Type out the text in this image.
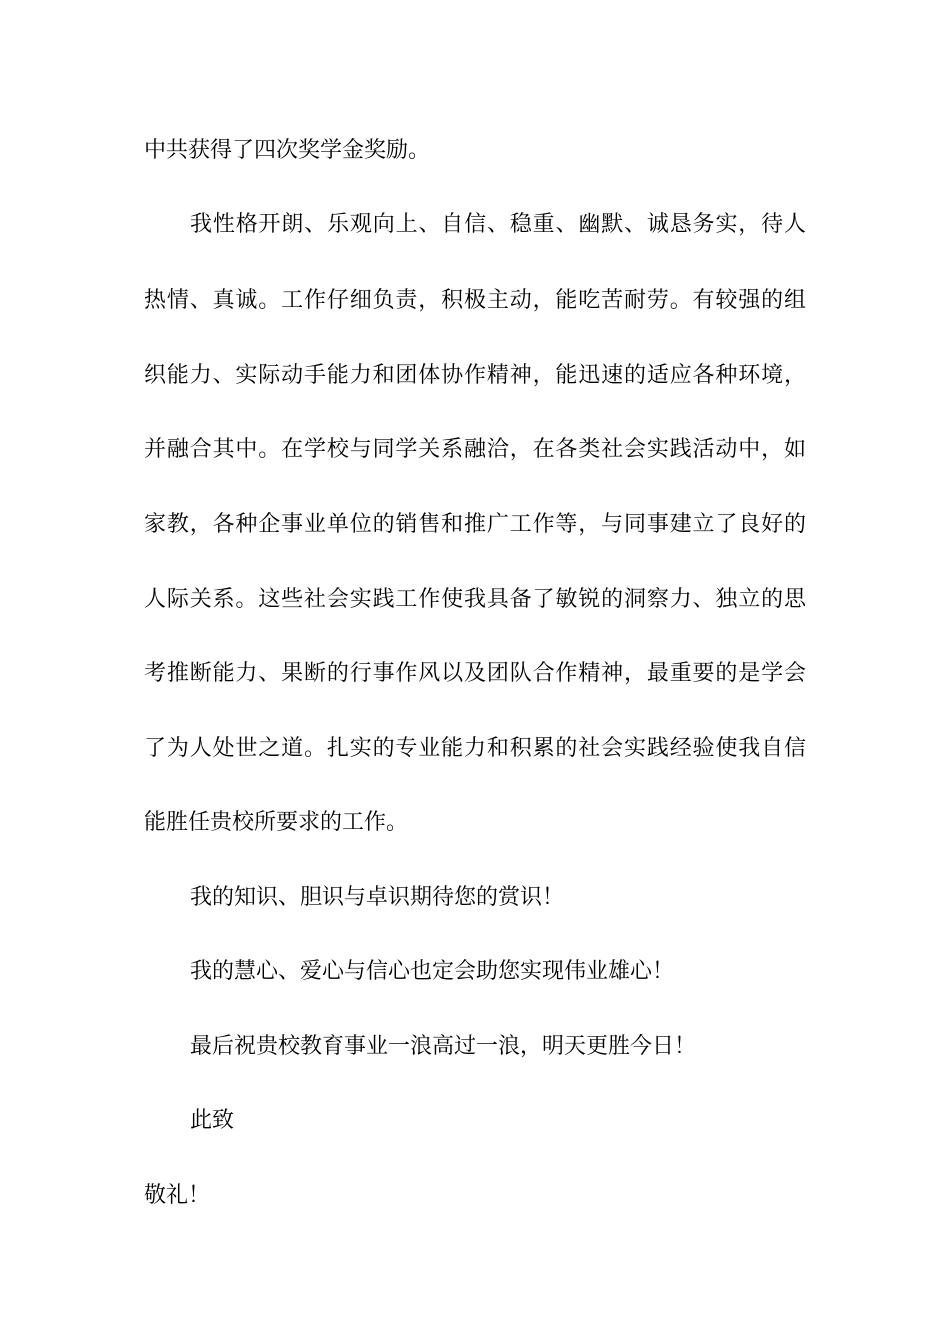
中共获得了四次奖学金奖励。
我性格开朗、乐观向上、自信、稳重、幽默、诚恳务实，待人
热情、真诚。工作仔细负责，积极主动，能吃苦耐劳。有较强的组
织能力、实际动手能力和团体协作精神，能迅速的适应各种环境，
并融合其中。在学校与同学关系融洽，在各类社会实践活动中，如
家教，各种企事业单位的销售和推广工作等，与同事建立了良好的
人际关系。这些社会实践工作使我具备了敏锐的洞察力、独立的思
考推断能力、果断的行事作风以及团队合作精神，最重要的是学会
了为人处世之道。扎实的专业能力和积累的社会实践经验使我自信
能胜任贵校所要求的工作。
我的知识、胆识与卓识期待您的赏识！
我的慧心、爱心与信心也定会助您实现伟业雄心！
最后祝贵校教育事业一浪高过一浪，明天更胜今日！
此致
敬礼！
